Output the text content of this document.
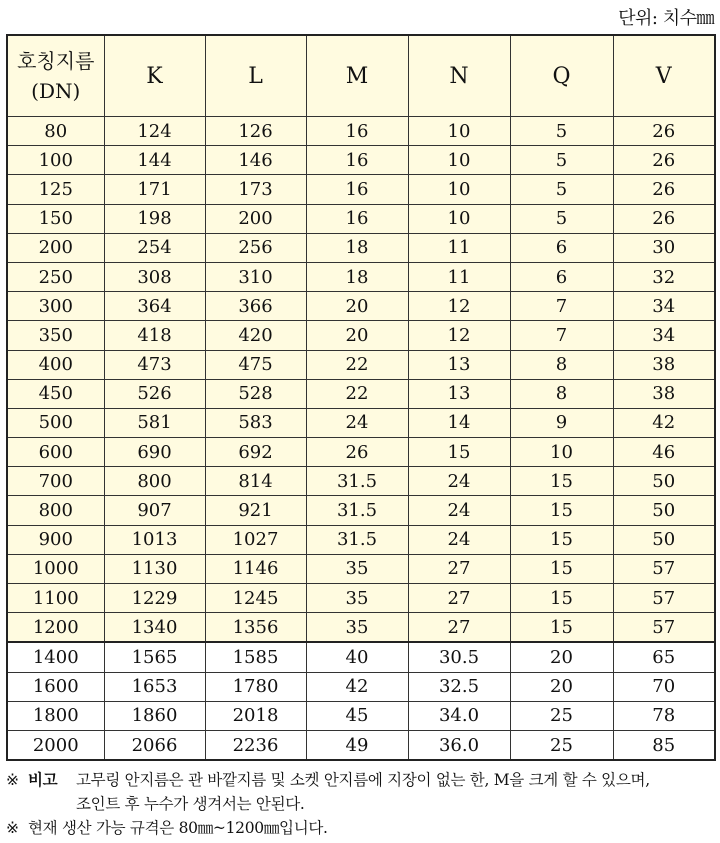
단위: 치수㎜
호칭지름
(DN)	K	L	M	N	Q	V
80	124	126	16	10	5	26
100	144	146	16	10	5	26
125	171	173	16	10	5	26
150	198	200	16	10	5	26
200	254	256	18	11	6	30
250	308	310	18	11	6	32
300	364	366	20	12	7	34
350	418	420	20	12	7	34
400	473	475	22	13	8	38
450	526	528	22	13	8	38
500	581	583	24	14	9	42
600	690	692	26	15	10	46
700	800	814	31.5	24	15	50
800	907	921	31.5	24	15	50
900	1013	1027	31.5	24	15	50
1000	1130	1146	35	27	15	57
1100	1229	1245	35	27	15	57
1200	1340	1356	35	27	15	57
1400	1565	1585	40	30.5	20	65
1600	1653	1780	42	32.5	20	70
1800	1860	2018	45	34.0	25	78
2000	2066	2236	49	36.0	25	85
※ 비고 고무링 안지름은 관 바깥지름 및 소켓 안지름에 지장이 없는 한, M을 크게 할 수 있으며,
조인트 후 누수가 생겨서는 안된다.
※ 현재 생산 가능 규격은 80㎜~1200㎜입니다.
